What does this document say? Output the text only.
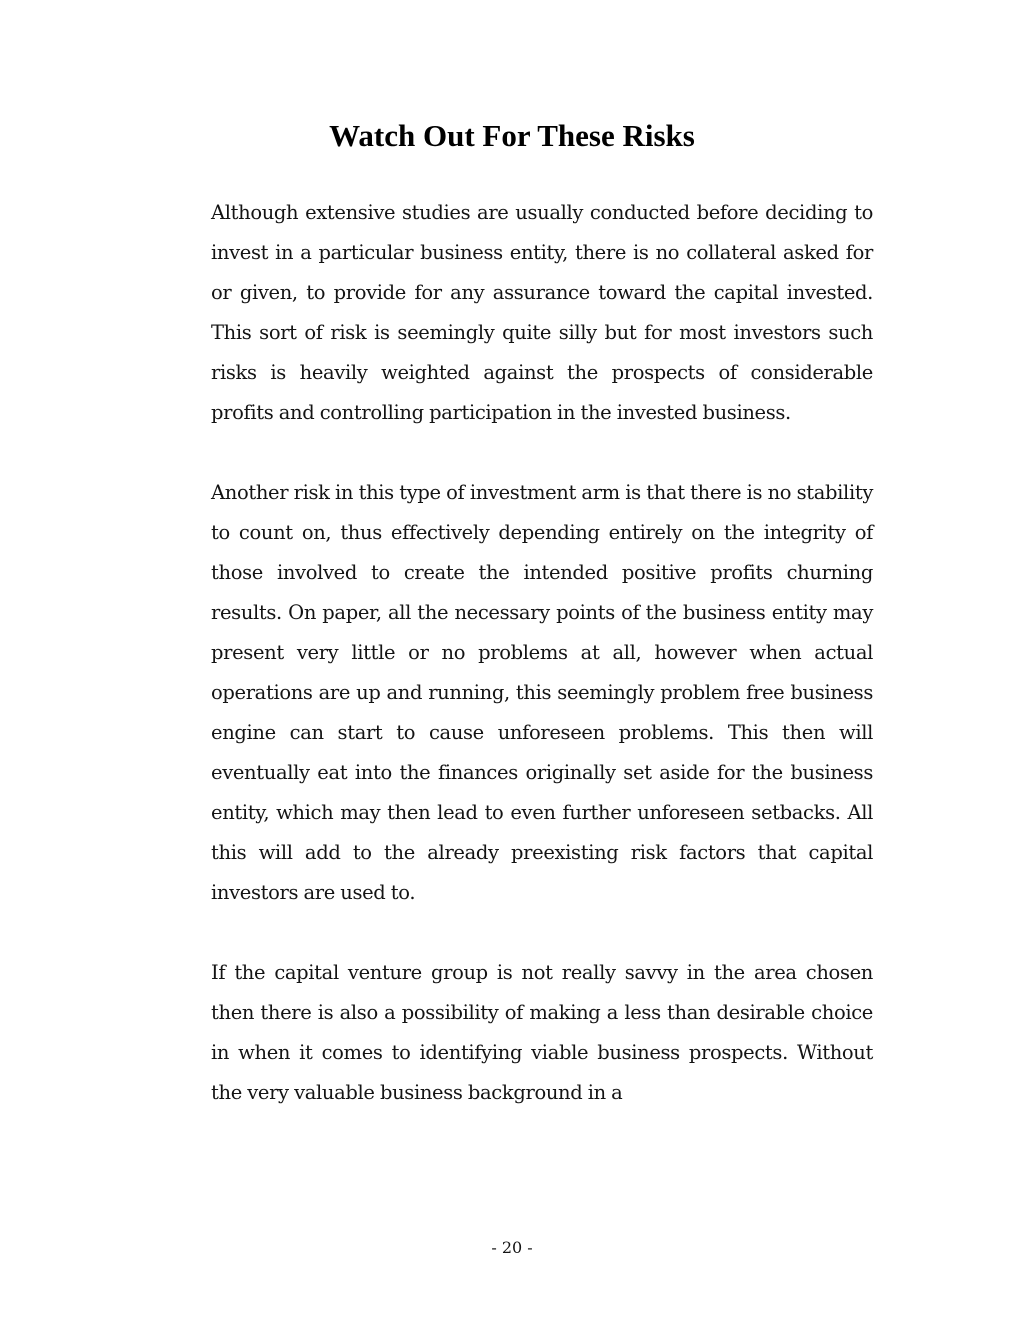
Watch Out For These Risks

Although extensive studies are usually conducted before deciding to invest in a particular business entity, there is no collateral asked for or given, to provide for any assurance toward the capital invested. This sort of risk is seemingly quite silly but for most investors such risks is heavily weighted against the prospects of considerable profits and controlling participation in the invested business.

Another risk in this type of investment arm is that there is no stability to count on, thus effectively depending entirely on the integrity of those involved to create the intended positive profits churning results. On paper, all the necessary points of the business entity may present very little or no problems at all, however when actual operations are up and running, this seemingly problem free business engine can start to cause unforeseen problems. This then will eventually eat into the finances originally set aside for the business entity, which may then lead to even further unforeseen setbacks. All this will add to the already preexisting risk factors that capital investors are used to.

If the capital venture group is not really savvy in the area chosen then there is also a possibility of making a less than desirable choice in when it comes to identifying viable business prospects. Without the very valuable business background in a

- 20 -
